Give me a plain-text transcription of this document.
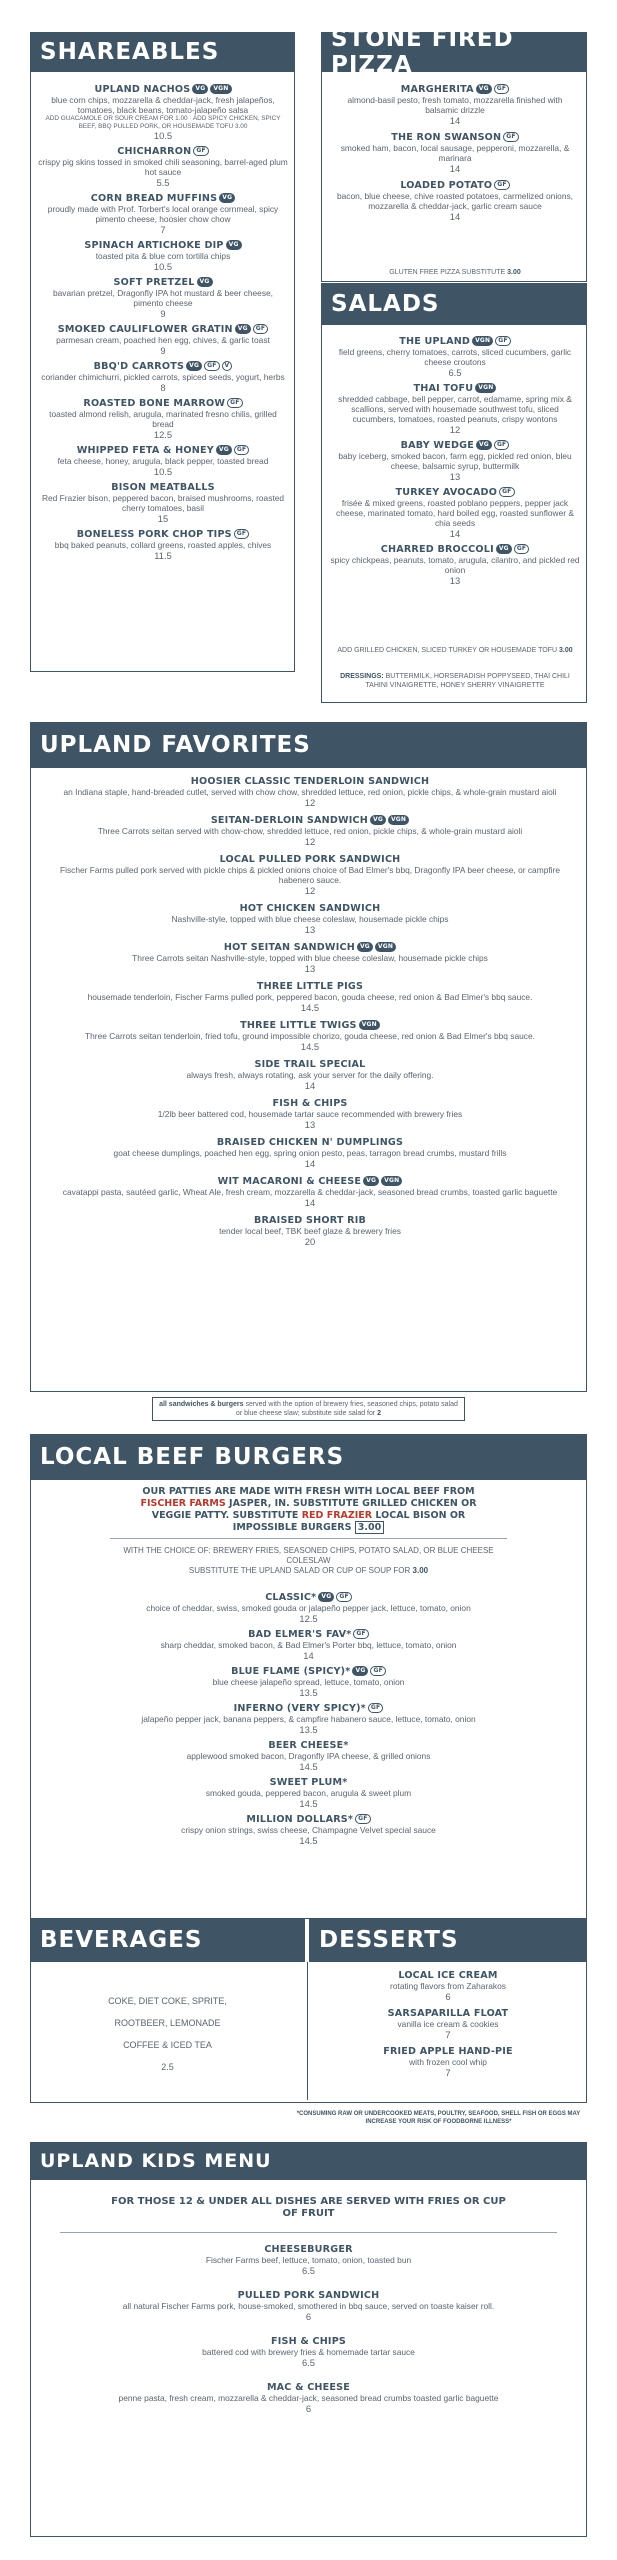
SHAREABLES
UPLAND NACHOS VG VGN
blue corn chips, mozzarella & cheddar-jack, fresh jalapeños, tomatoes, black beans, tomato-jalapeño salsa
ADD GUACAMOLE OR SOUR CREAM FOR 1.00 · ADD SPICY CHICKEN, SPICY BEEF, BBQ PULLED PORK, OR HOUSEMADE TOFU 3.00
10.5
CHICHARRON GF
crispy pig skins tossed in smoked chili seasoning, barrel-aged plum hot sauce
5.5
CORN BREAD MUFFINS VG
proudly made with Prof. Torbert's local orange cornmeal, spicy pimento cheese, hoosier chow chow
7
SPINACH ARTICHOKE DIP VG
toasted pita & blue corn tortilla chips
10.5
SOFT PRETZEL VG
bavarian pretzel, Dragonfly IPA hot mustard & beer cheese, pimento cheese
9
SMOKED CAULIFLOWER GRATIN VG GF
parmesan cream, poached hen egg, chives, & garlic toast
9
BBQ'D CARROTS VG GF V
coriander chimichurri, pickled carrots, spiced seeds, yogurt, herbs
8
ROASTED BONE MARROW GF
toasted almond relish, arugula, marinated fresno chilis, grilled bread
12.5
WHIPPED FETA & HONEY VG GF
feta cheese, honey, arugula, black pepper, toasted bread
10.5
BISON MEATBALLS
Red Frazier bison, peppered bacon, braised mushrooms, roasted cherry tomatoes, basil
15
BONELESS PORK CHOP TIPS GF
bbq baked peanuts, collard greens, roasted apples, chives
11.5
STONE FIRED PIZZA
MARGHERITA VG GF
almond-basil pesto, fresh tomato, mozzarella finished with balsamic drizzle
14
THE RON SWANSON GF
smoked ham, bacon, local sausage, pepperoni, mozzarella, & marinara
14
LOADED POTATO GF
bacon, blue cheese, chive roasted potatoes, carmelized onions, mozzarella & cheddar-jack, garlic cream sauce
14
GLUTEN FREE PIZZA SUBSTITUTE 3.00
SALADS
THE UPLAND VGN GF
field greens, cherry tomatoes, carrots, sliced cucumbers, garlic cheese croutons
6.5
THAI TOFU VGN
shredded cabbage, bell pepper, carrot, edamame, spring mix & scallions, served with housemade southwest tofu, sliced cucumbers, tomatoes, roasted peanuts, crispy wontons
12
BABY WEDGE VG GF
baby iceberg, smoked bacon, farm egg, pickled red onion, bleu cheese, balsamic syrup, buttermilk
13
TURKEY AVOCADO GF
frisée & mixed greens, roasted poblano peppers, pepper jack cheese, marinated tomato, hard boiled egg, roasted sunflower & chia seeds
14
CHARRED BROCCOLI VG GF
spicy chickpeas, peanuts, tomato, arugula, cilantro, and pickled red onion
13
ADD GRILLED CHICKEN, SLICED TURKEY OR HOUSEMADE TOFU 3.00
DRESSINGS: BUTTERMILK, HORSERADISH POPPYSEED, THAI CHILI TAHINI VINAIGRETTE, HONEY SHERRY VINAIGRETTE
UPLAND FAVORITES
HOOSIER CLASSIC TENDERLOIN SANDWICH
an Indiana staple, hand-breaded cutlet, served with chow chow, shredded lettuce, red onion, pickle chips, & whole-grain mustard aioli
12
SEITAN-DERLOIN SANDWICH VG VGN
Three Carrots seitan served with chow-chow, shredded lettuce, red onion, pickle chips, & whole-grain mustard aioli
12
LOCAL PULLED PORK SANDWICH
Fischer Farms pulled pork served with pickle chips & pickled onions choice of Bad Elmer's bbq, Dragonfly IPA beer cheese, or campfire habenero sauce.
12
HOT CHICKEN SANDWICH
Nashville-style, topped with blue cheese coleslaw, housemade pickle chips
13
HOT SEITAN SANDWICH VG VGN
Three Carrots seitan Nashville-style, topped with blue cheese coleslaw, housemade pickle chips
13
THREE LITTLE PIGS
housemade tenderloin, Fischer Farms pulled pork, peppered bacon, gouda cheese, red onion & Bad Elmer's bbq sauce.
14.5
THREE LITTLE TWIGS VGN
Three Carrots seitan tenderloin, fried tofu, ground impossible chorizo, gouda cheese, red onion & Bad Elmer's bbq sauce.
14.5
SIDE TRAIL SPECIAL
always fresh, always rotating, ask your server for the daily offering.
14
FISH & CHIPS
1/2lb beer battered cod, housemade tartar sauce recommended with brewery fries
13
BRAISED CHICKEN N' DUMPLINGS
goat cheese dumplings, poached hen egg, spring onion pesto, peas, tarragon bread crumbs, mustard frills
14
WIT MACARONI & CHEESE VG VGN
cavatappi pasta, sautéed garlic, Wheat Ale, fresh cream, mozzarella & cheddar-jack, seasoned bread crumbs, toasted garlic baguette
14
BRAISED SHORT RIB
tender local beef, TBK beef glaze & brewery fries
20
all sandwiches & burgers served with the option of brewery fries, seasoned chips, potato salad or blue cheese slaw; substitute side salad for 2
LOCAL BEEF BURGERS
OUR PATTIES ARE MADE WITH FRESH WITH LOCAL BEEF FROM FISCHER FARMS JASPER, IN. SUBSTITUTE GRILLED CHICKEN OR VEGGIE PATTY. SUBSTITUTE RED FRAZIER LOCAL BISON OR IMPOSSIBLE BURGERS 3.00
WITH THE CHOICE OF: BREWERY FRIES, SEASONED CHIPS, POTATO SALAD, OR BLUE CHEESE COLESLAW
SUBSTITUTE THE UPLAND SALAD OR CUP OF SOUP FOR 3.00
CLASSIC* VG GF
choice of cheddar, swiss, smoked gouda or jalapeño pepper jack, lettuce, tomato, onion
12.5
BAD ELMER'S FAV* GF
sharp cheddar, smoked bacon, & Bad Elmer's Porter bbq, lettuce, tomato, onion
14
BLUE FLAME (SPICY)* VG GF
blue cheese jalapeño spread, lettuce, tomato, onion
13.5
INFERNO (VERY SPICY)* GF
jalapeño pepper jack, banana peppers, & campfire habanero sauce, lettuce, tomato, onion
13.5
BEER CHEESE*
applewood smoked bacon, Dragonfly IPA cheese, & grilled onions
14.5
SWEET PLUM*
smoked gouda, peppered bacon, arugula & sweet plum
14.5
MILLION DOLLARS* GF
crispy onion strings, swiss cheese, Champagne Velvet special sauce
14.5
BEVERAGES	DESSERTS
COKE, DIET COKE, SPRITE,
ROOTBEER, LEMONADE
COFFEE & ICED TEA
2.5
LOCAL ICE CREAM
rotating flavors from Zaharakos
6
SARSAPARILLA FLOAT
vanilla ice cream & cookies
7
FRIED APPLE HAND-PIE
with frozen cool whip
7
*CONSUMING RAW OR UNDERCOOKED MEATS, POULTRY, SEAFOOD, SHELL FISH OR EGGS MAY INCREASE YOUR RISK OF FOODBORNE ILLNESS*
UPLAND KIDS MENU
FOR THOSE 12 & UNDER ALL DISHES ARE SERVED WITH FRIES OR CUP OF FRUIT
CHEESEBURGER
Fischer Farms beef, lettuce, tomato, onion, toasted bun
6.5
PULLED PORK SANDWICH
all natural Fischer Farms pork, house-smoked, smothered in bbq sauce, served on toaste kaiser roll.
6
FISH & CHIPS
battered cod with brewery fries & homemade tartar sauce
6.5
MAC & CHEESE
penne pasta, fresh cream, mozzarella & cheddar-jack, seasoned bread crumbs toasted garlic baguette
6
